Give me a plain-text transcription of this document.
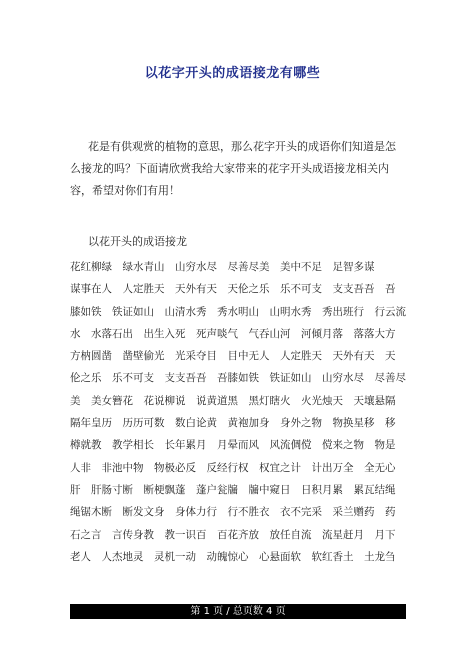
以花字开头的成语接龙有哪些

花是有供观赏的植物的意思，那么花字开头的成语你们知道是怎么接龙的吗？下面请欣赏我给大家带来的花字开头成语接龙相关内容，希望对你们有用！

以花开头的成语接龙

花红柳绿　绿水青山　山穷水尽　尽善尽美　美中不足　足智多谋
谋事在人　人定胜天　天外有天　天伦之乐　乐不可支　支支吾吾　吾
膝如铁　铁证如山　山清水秀　秀水明山　山明水秀　秀出班行　行云流
水　水落石出　出生入死　死声啖气　气吞山河　河倾月落　落落大方
方枘圆凿　凿壁偷光　光采夺目　目中无人　人定胜天　天外有天　天
伦之乐　乐不可支　支支吾吾　吾膝如铁　铁证如山　山穷水尽　尽善尽
美　美女簪花　花说柳说　说黄道黑　黑灯瞎火　火光烛天　天壤悬隔
隔年皇历　历历可数　数白论黄　黄袍加身　身外之物　物换星移　移
樽就教　教学相长　长年累月　月晕而风　风流倜傥　傥来之物　物是
人非　非池中物　物极必反　反经行权　权宜之计　计出万全　全无心
肝　肝肠寸断　断梗飘蓬　蓬户瓮牖　牖中窥日　日积月累　累瓦结绳
绳锯木断　断发文身　身体力行　行不胜衣　衣不完采　采兰赠药　药
石之言　言传身教　教一识百　百花齐放　放任自流　流星赶月　月下
老人　人杰地灵　灵机一动　动魄惊心　心悬面软　软红香土　土龙刍
第 1 页 / 总页数 4 页
